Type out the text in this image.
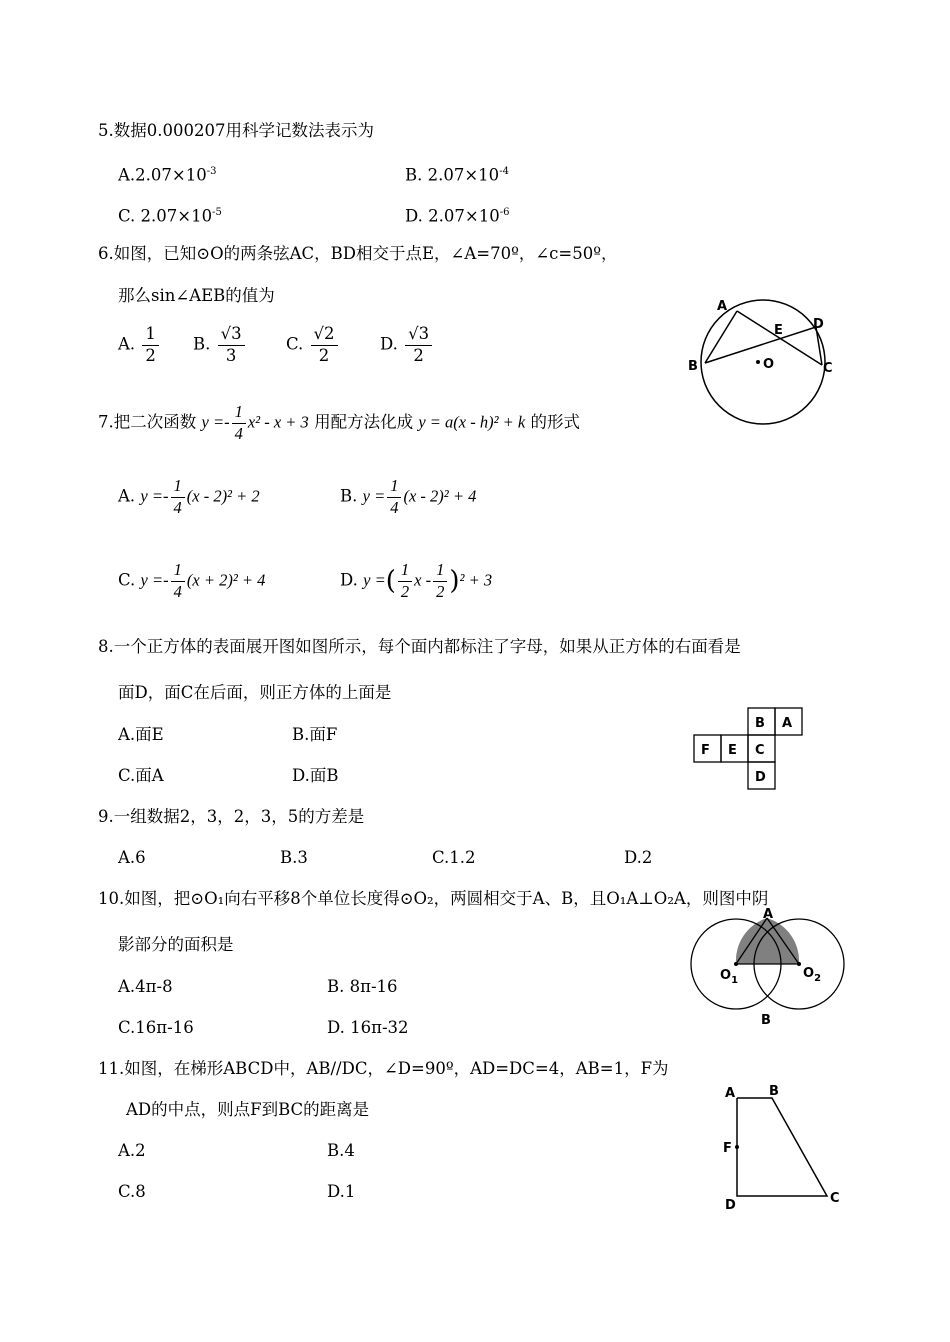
5.数据0.000207用科学记数法表示为
$A.2.07\times 10^{-3}$	B. $2.07\times 10^{-4}$
C. $2.07\times 10^{-5}$	D. $2.07\times 10^{-6}$
6.如图，已知⊙O的两条弦AC，BD相交于点E，∠A=70º，∠c=50º，
那么sin∠AEB的值为
A. $\frac{1}{2} B$. $\frac{√3}{3}$	C. $\frac{√2}{2}$	D. $\frac{√3}{2}$
A
B	C
D
E
O
7.把二次函数 $y =- \frac{1}{4} x^2 - x + 3$ 用配方法化成 y = a(x - h)² + k 的形式
A. $y =- \frac{1}{4} (x - 2)^2 + 2$	B. $y = \frac{1}{4} (x - 2)^2 + 4$
C. $y =- \frac{1}{4} (x + 2)^2 + 4$	D. y =( $\frac{1}{2}$ $x - \frac{1}{2} )^2 + 3$
8.一个正方体的表面展开图如图所示，每个面内都标注了字母，如果从正方体的右面看是
面D，面C在后面，则正方体的上面是
A.面E	B.面F
C.面A	D.面B
B A
F E C
D
9.一组数据2，3，2，3，5的方差是
A.6	B.3	C.1.2	D.2
10.如图，把⊙O₁向右平移8个单位长度得⊙O₂，两圆相交于A、B，且O₁A⊥O₂A，则图中阴
影部分的面积是
A.4π-8	B. 8π-16
C.16π-16	D. 16π-32
A
B
$O_1$	$O_2$
11.如图，在梯形ABCD中，AB//DC，∠D=90º，AD=DC=4，AB=1，F为
AD的中点，则点F到BC的距离是
A.2	B.4
C.8	D.1
A	B
C
D
F
